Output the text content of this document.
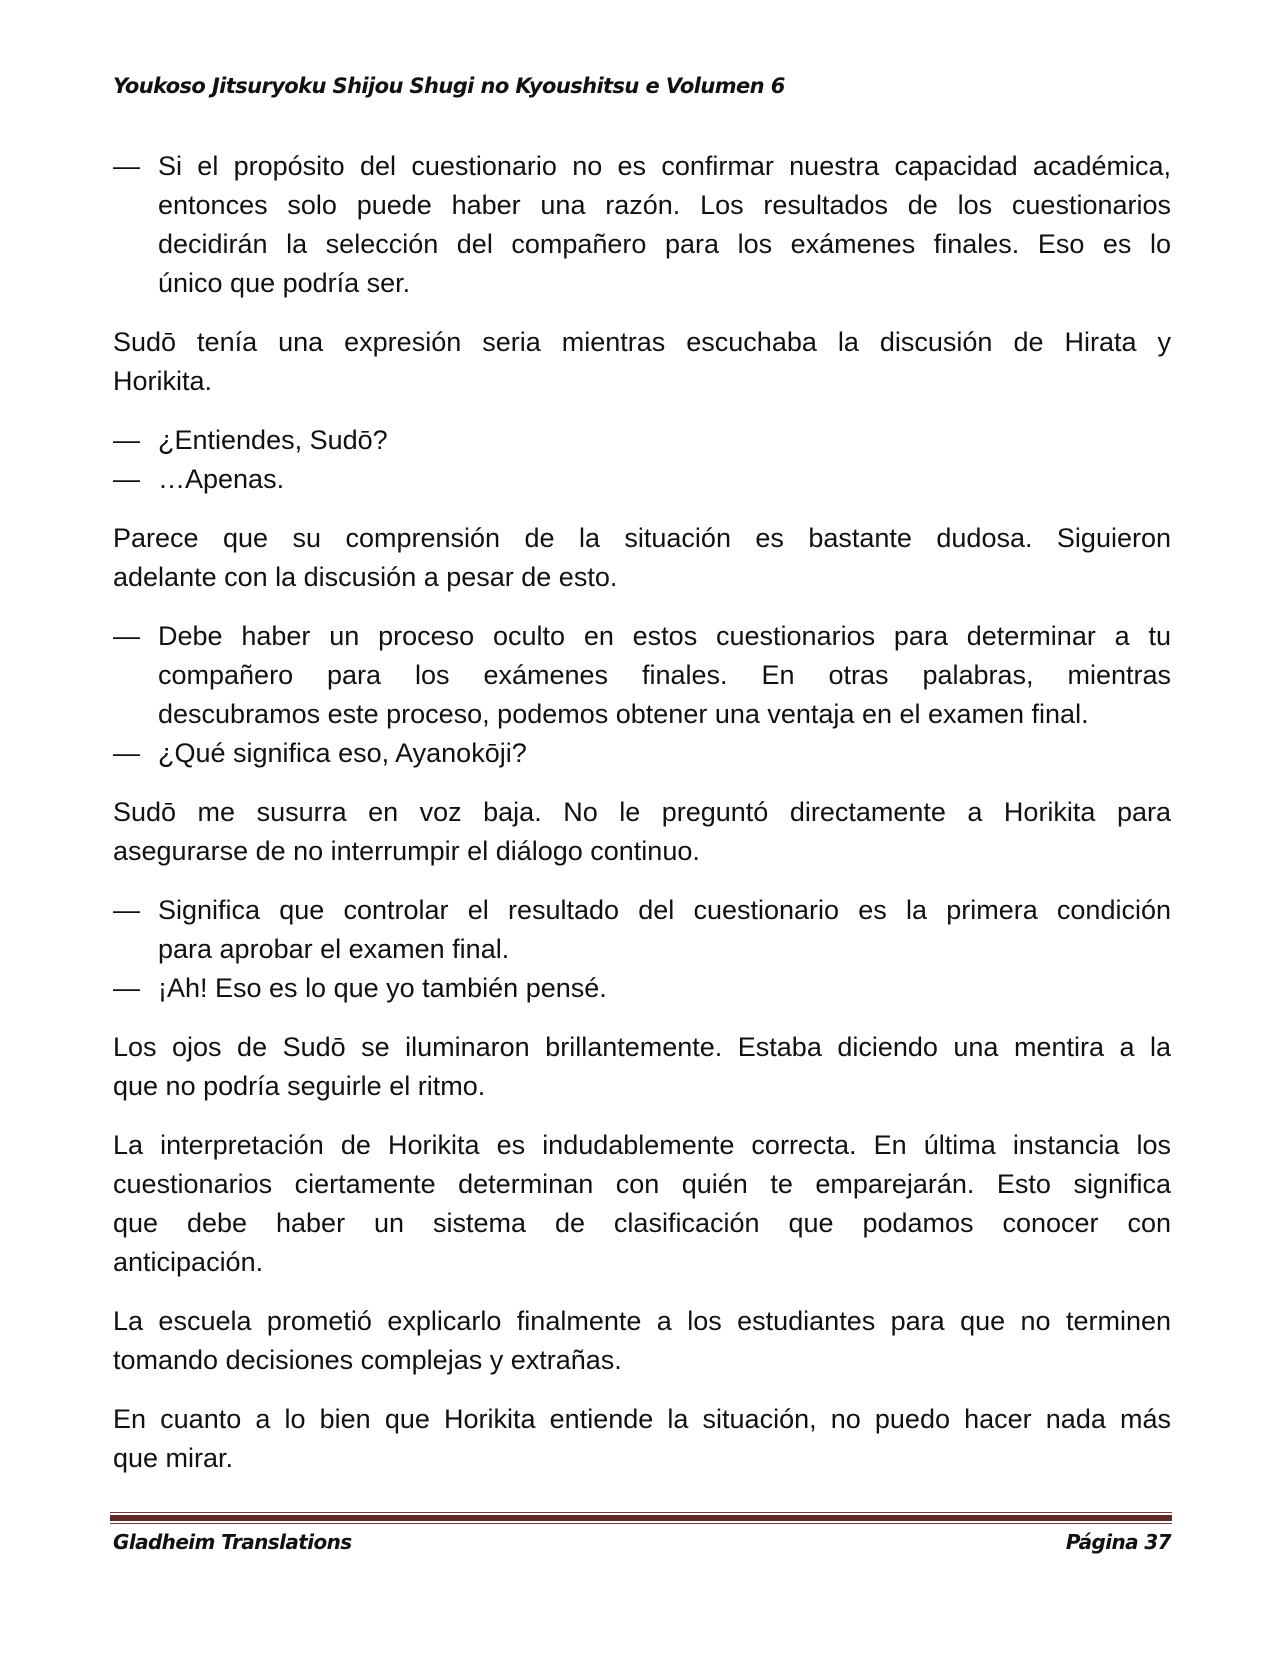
Youkoso Jitsuryoku Shijou Shugi no Kyoushitsu e Volumen 6
— Si el propósito del cuestionario no es confirmar nuestra capacidad académica,
entonces solo puede haber una razón. Los resultados de los cuestionarios
decidirán la selección del compañero para los exámenes finales. Eso es lo
único que podría ser.
Sudō tenía una expresión seria mientras escuchaba la discusión de Hirata y
Horikita.
— ¿Entiendes, Sudō?
— …Apenas.
Parece que su comprensión de la situación es bastante dudosa. Siguieron
adelante con la discusión a pesar de esto.
— Debe haber un proceso oculto en estos cuestionarios para determinar a tu
compañero para los exámenes finales. En otras palabras, mientras
descubramos este proceso, podemos obtener una ventaja en el examen final.
— ¿Qué significa eso, Ayanokōji?
Sudō me susurra en voz baja. No le preguntó directamente a Horikita para
asegurarse de no interrumpir el diálogo continuo.
— Significa que controlar el resultado del cuestionario es la primera condición
para aprobar el examen final.
— ¡Ah! Eso es lo que yo también pensé.
Los ojos de Sudō se iluminaron brillantemente. Estaba diciendo una mentira a la
que no podría seguirle el ritmo.
La interpretación de Horikita es indudablemente correcta. En última instancia los
cuestionarios ciertamente determinan con quién te emparejarán. Esto significa
que debe haber un sistema de clasificación que podamos conocer con
anticipación.
La escuela prometió explicarlo finalmente a los estudiantes para que no terminen
tomando decisiones complejas y extrañas.
En cuanto a lo bien que Horikita entiende la situación, no puedo hacer nada más
que mirar.
Gladheim Translations	Página 37
